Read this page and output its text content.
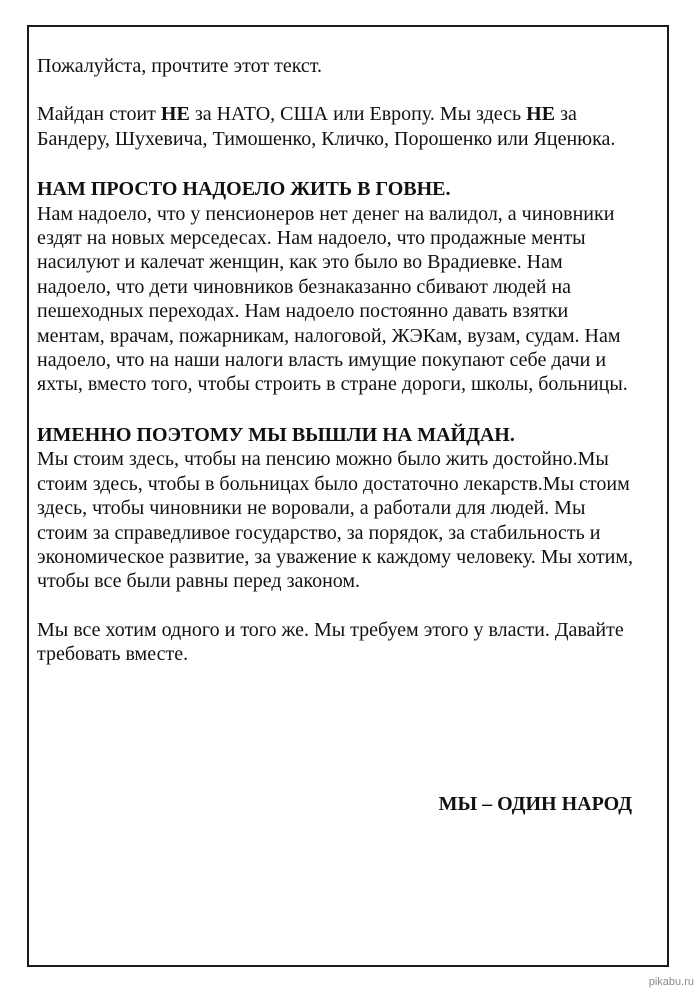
Пожалуйста, прочтите этот текст.

Майдан стоит НЕ за НАТО, США или Европу. Мы здесь НЕ за Бандеру, Шухевича, Тимошенко, Кличко, Порошенко или Яценюка.

НАМ ПРОСТО НАДОЕЛО ЖИТЬ В ГОВНЕ.

Нам надоело, что у пенсионеров нет денег на валидол, а чиновники ездят на новых мерседесах. Нам надоело, что продажные менты насилуют и калечат женщин, как это было во Врадиевке. Нам надоело, что дети чиновников безнаказанно сбивают людей на пешеходных переходах. Нам надоело постоянно давать взятки ментам, врачам, пожарникам, налоговой, ЖЭКам, вузам, судам. Нам надоело, что на наши налоги власть имущие покупают себе дачи и яхты, вместо того, чтобы строить в стране дороги, школы, больницы.

ИМЕННО ПОЭТОМУ МЫ ВЫШЛИ НА МАЙДАН.

Мы стоим здесь, чтобы на пенсию можно было жить достойно.Мы стоим здесь, чтобы в больницах было достаточно лекарств.Мы стоим здесь, чтобы чиновники не воровали, а работали для людей. Мы стоим за справедливое государство, за порядок, за стабильность и экономическое развитие, за уважение к каждому человеку. Мы хотим, чтобы все были равны перед законом.

Мы все хотим одного и того же. Мы требуем этого у власти. Давайте требовать вместе.

МЫ – ОДИН НАРОД
pikabu.ru
